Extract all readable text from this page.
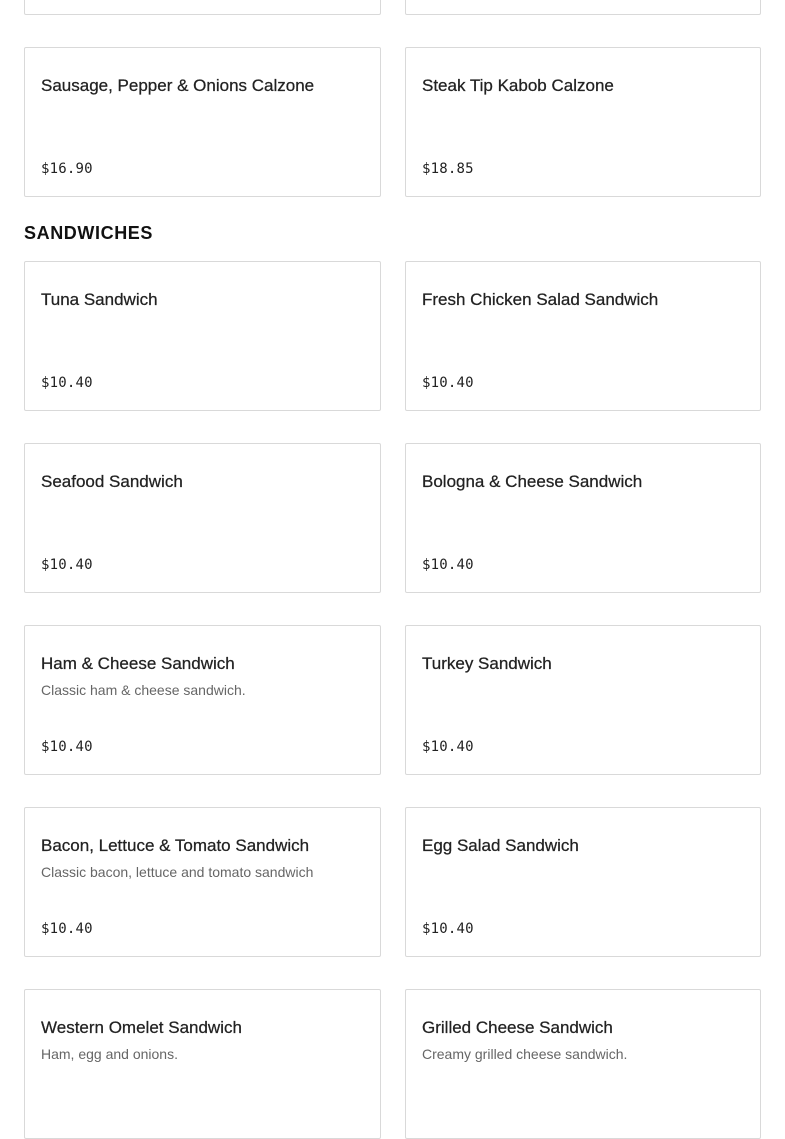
Sausage, Pepper & Onions Calzone
$16.90
Steak Tip Kabob Calzone
$18.85
SANDWICHES
Tuna Sandwich
$10.40
Fresh Chicken Salad Sandwich
$10.40
Seafood Sandwich
$10.40
Bologna & Cheese Sandwich
$10.40
Ham & Cheese Sandwich
Classic ham & cheese sandwich.
$10.40
Turkey Sandwich
$10.40
Bacon, Lettuce & Tomato Sandwich
Classic bacon, lettuce and tomato sandwich
$10.40
Egg Salad Sandwich
$10.40
Western Omelet Sandwich
Ham, egg and onions.
Grilled Cheese Sandwich
Creamy grilled cheese sandwich.
